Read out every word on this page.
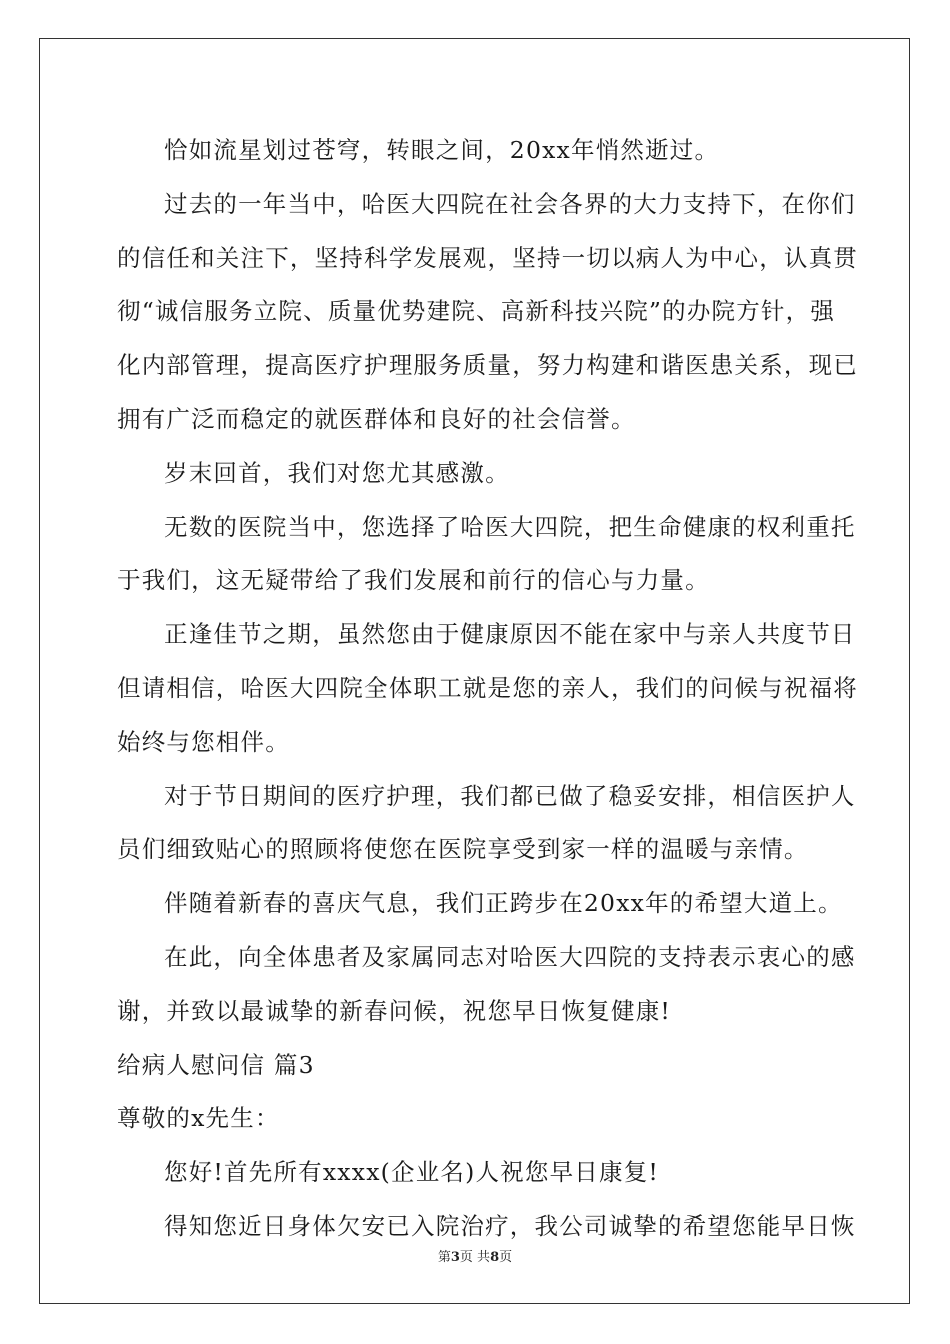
恰如流星划过苍穹，转眼之间，20xx年悄然逝过。
过去的一年当中，哈医大四院在社会各界的大力支持下，在你们
的信任和关注下，坚持科学发展观，坚持一切以病人为中心，认真贯
彻“诚信服务立院、质量优势建院、高新科技兴院”的办院方针，强
化内部管理，提高医疗护理服务质量，努力构建和谐医患关系，现已
拥有广泛而稳定的就医群体和良好的社会信誉。
岁末回首，我们对您尤其感激。
无数的医院当中，您选择了哈医大四院，把生命健康的权利重托
于我们，这无疑带给了我们发展和前行的信心与力量。
正逢佳节之期，虽然您由于健康原因不能在家中与亲人共度节日
但请相信，哈医大四院全体职工就是您的亲人，我们的问候与祝福将
始终与您相伴。
对于节日期间的医疗护理，我们都已做了稳妥安排，相信医护人
员们细致贴心的照顾将使您在医院享受到家一样的温暖与亲情。
伴随着新春的喜庆气息，我们正跨步在20xx年的希望大道上。
在此，向全体患者及家属同志对哈医大四院的支持表示衷心的感
谢，并致以最诚挚的新春问候，祝您早日恢复健康!
给病人慰问信 篇3
尊敬的x先生：
您好!首先所有xxxx(企业名)人祝您早日康复!
得知您近日身体欠安已入院治疗，我公司诚挚的希望您能早日恢
第3页 共8页
